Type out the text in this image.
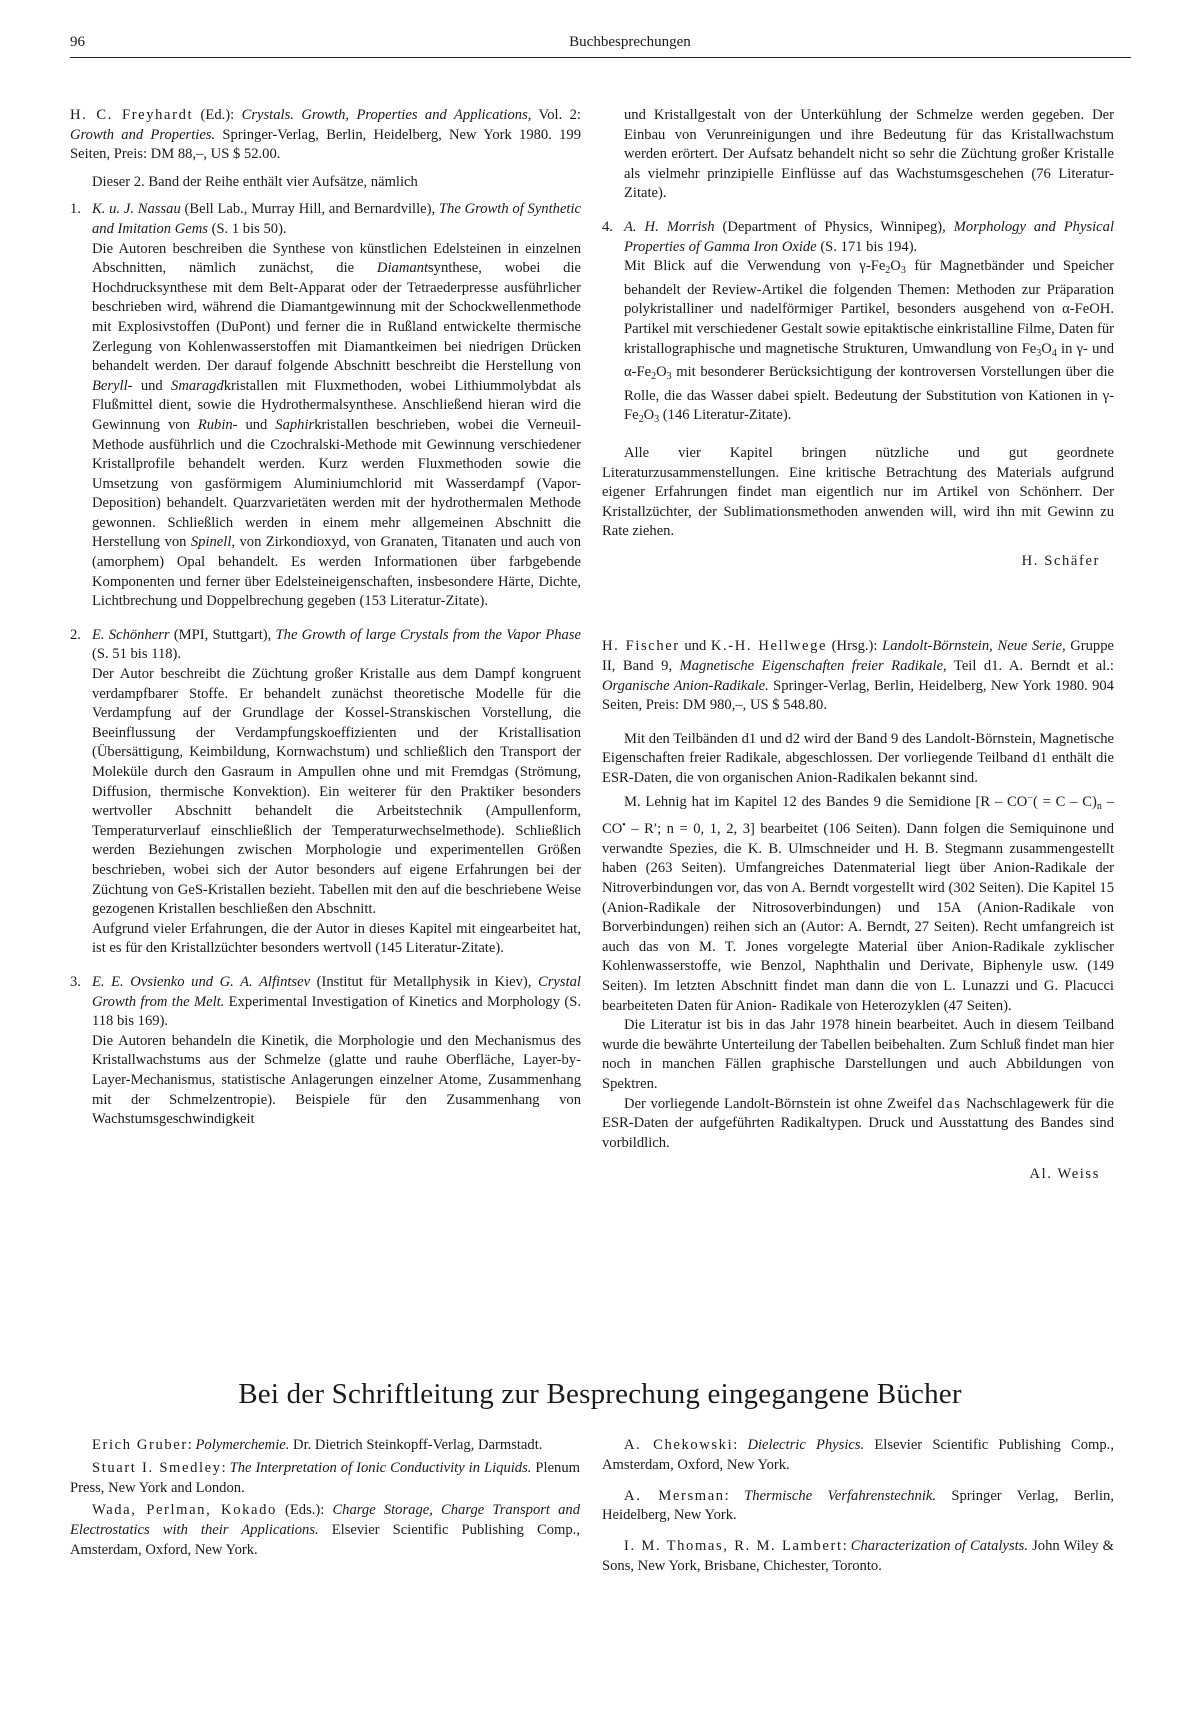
96	Buchbesprechungen

H. C. Freyhardt (Ed.): Crystals. Growth, Properties and Applications, Vol. 2: Growth and Properties. Springer-Verlag, Berlin, Heidelberg, New York 1980. 199 Seiten, Preis: DM 88,–, US $ 52.00.

Dieser 2. Band der Reihe enthält vier Aufsätze, nämlich

1. K. u. J. Nassau (Bell Lab., Murray Hill, and Bernardville), The Growth of Synthetic and Imitation Gems (S. 1 bis 50).

Die Autoren beschreiben die Synthese von künstlichen Edelsteinen in einzelnen Abschnitten, nämlich zunächst, die Diamantsynthese, wobei die Hochdrucksynthese mit dem Belt-Apparat oder der Tetraederpresse ausführlicher beschrieben wird, während die Diamantgewinnung mit der Schockwellenmethode mit Explosivstoffen (DuPont) und ferner die in Rußland entwickelte thermische Zerlegung von Kohlenwasserstoffen mit Diamantkeimen bei niedrigen Drücken behandelt werden. Der darauf folgende Abschnitt beschreibt die Herstellung von Beryll- und Smaragdkristallen mit Fluxmethoden, wobei Lithiummolybdat als Flußmittel dient, sowie die Hydrothermalsynthese. Anschließend hieran wird die Gewinnung von Rubin- und Saphirkristallen beschrieben, wobei die Verneuil-Methode ausführlich und die Czochralski-Methode mit Gewinnung verschiedener Kristallprofile behandelt werden. Kurz werden Fluxmethoden sowie die Umsetzung von gasförmigem Aluminiumchlorid mit Wasserdampf (Vapor-Deposition) behandelt. Quarzvarietäten werden mit der hydrothermalen Methode gewonnen. Schließlich werden in einem mehr allgemeinen Abschnitt die Herstellung von Spinell, von Zirkondioxyd, von Granaten, Titanaten und auch von (amorphem) Opal behandelt. Es werden Informationen über farbgebende Komponenten und ferner über Edelsteineigenschaften, insbesondere Härte, Dichte, Lichtbrechung und Doppelbrechung gegeben (153 Literatur-Zitate).

2. E. Schönherr (MPI, Stuttgart), The Growth of large Crystals from the Vapor Phase (S. 51 bis 118).

Der Autor beschreibt die Züchtung großer Kristalle aus dem Dampf kongruent verdampfbarer Stoffe. Er behandelt zunächst theoretische Modelle für die Verdampfung auf der Grundlage der Kossel-Stranskischen Vorstellung, die Beeinflussung der Verdampfungskoeffizienten und der Kristallisation (Übersättigung, Keimbildung, Kornwachstum) und schließlich den Transport der Moleküle durch den Gasraum in Ampullen ohne und mit Fremdgas (Strömung, Diffusion, thermische Konvektion). Ein weiterer für den Praktiker besonders wertvoller Abschnitt behandelt die Arbeitstechnik (Ampullenform, Temperaturverlauf einschließlich der Temperaturwechselmethode). Schließlich werden Beziehungen zwischen Morphologie und experimentellen Größen beschrieben, wobei sich der Autor besonders auf eigene Erfahrungen bei der Züchtung von GeS-Kristallen bezieht. Tabellen mit den auf die beschriebene Weise gezogenen Kristallen beschließen den Abschnitt.

Aufgrund vieler Erfahrungen, die der Autor in dieses Kapitel mit eingearbeitet hat, ist es für den Kristallzüchter besonders wertvoll (145 Literatur-Zitate).

3. E. E. Ovsienko und G. A. Alfintsev (Institut für Metallphysik in Kiev), Crystal Growth from the Melt. Experimental Investigation of Kinetics and Morphology (S. 118 bis 169).

Die Autoren behandeln die Kinetik, die Morphologie und den Mechanismus des Kristallwachstums aus der Schmelze (glatte und rauhe Oberfläche, Layer-by-Layer-Mechanismus, statistische Anlagerungen einzelner Atome, Zusammenhang mit der Schmelzentropie). Beispiele für den Zusammenhang von Wachstumsgeschwindigkeit

und Kristallgestalt von der Unterkühlung der Schmelze werden gegeben. Der Einbau von Verunreinigungen und ihre Bedeutung für das Kristallwachstum werden erörtert. Der Aufsatz behandelt nicht so sehr die Züchtung großer Kristalle als vielmehr prinzipielle Einflüsse auf das Wachstumsgeschehen (76 Literatur-Zitate).

4. A. H. Morrish (Department of Physics, Winnipeg), Morphology and Physical Properties of Gamma Iron Oxide (S. 171 bis 194).

Mit Blick auf die Verwendung von $\gamma-Fe_2O_3$ für Magnetbänder und Speicher behandelt der Review-Artikel die folgenden Themen: Methoden zur Präparation polykristalliner und nadelförmiger Partikel, besonders ausgehend von α-FeOH. Partikel mit verschiedener Gestalt sowie epitaktische einkristalline Filme, Daten für kristallographische und magnetische Strukturen, Umwandlung von $Fe_3O_4$ in γ- und $\alpha-Fe_2O_3$ mit besonderer Berücksichtigung der kontroversen Vorstellungen über die Rolle, die das Wasser dabei spielt. Bedeutung der Substitution von Kationen in $\gamma-Fe_2O_3$ (146 Literatur-Zitate).

Alle vier Kapitel bringen nützliche und gut geordnete Literaturzusammenstellungen. Eine kritische Betrachtung des Materials aufgrund eigener Erfahrungen findet man eigentlich nur im Artikel von Schönherr. Der Kristallzüchter, der Sublimationsmethoden anwenden will, wird ihn mit Gewinn zu Rate ziehen.

H. Schäfer

H. Fischer und K.-H. Hellwege (Hrsg.): Landolt-Börnstein, Neue Serie, Gruppe II, Band 9, Magnetische Eigenschaften freier Radikale, Teil d1. A. Berndt et al.: Organische Anion-Radikale. Springer-Verlag, Berlin, Heidelberg, New York 1980. 904 Seiten, Preis: DM 980,–, US $ 548.80.

Mit den Teilbänden d1 und d2 wird der Band 9 des Landolt-Börnstein, Magnetische Eigenschaften freier Radikale, abgeschlossen. Der vorliegende Teilband d1 enthält die ESR-Daten, die von organischen Anion-Radikalen bekannt sind.

M. Lehnig hat im Kapitel 12 des Bandes 9 die Semidione [$R - CO^-( = C - C)_n - CO^• - R'$; n = 0, 1, 2, 3] bearbeitet (106 Seiten). Dann folgen die Semiquinone und verwandte Spezies, die K. B. Ulmschneider und H. B. Stegmann zusammengestellt haben (263 Seiten). Umfangreiches Datenmaterial liegt über Anion-Radikale der Nitroverbindungen vor, das von A. Berndt vorgestellt wird (302 Seiten). Die Kapitel 15 (Anion-Radikale der Nitrosoverbindungen) und 15A (Anion-Radikale von Borverbindungen) reihen sich an (Autor: A. Berndt, 27 Seiten). Recht umfangreich ist auch das von M. T. Jones vorgelegte Material über Anion-Radikale zyklischer Kohlenwasserstoffe, wie Benzol, Naphthalin und Derivate, Biphenyle usw. (149 Seiten). Im letzten Abschnitt findet man dann die von L. Lunazzi und G. Placucci bearbeiteten Daten für Anion- Radikale von Heterozyklen (47 Seiten).

Die Literatur ist bis in das Jahr 1978 hinein bearbeitet. Auch in diesem Teilband wurde die bewährte Unterteilung der Tabellen beibehalten. Zum Schluß findet man hier noch in manchen Fällen graphische Darstellungen und auch Abbildungen von Spektren.

Der vorliegende Landolt-Börnstein ist ohne Zweifel das Nachschlagewerk für die ESR-Daten der aufgeführten Radikaltypen. Druck und Ausstattung des Bandes sind vorbildlich.

Al. Weiss

Bei der Schriftleitung zur Besprechung eingegangene Bücher

Erich Gruber: Polymerchemie. Dr. Dietrich Steinkopff-Verlag, Darmstadt.

Stuart I. Smedley: The Interpretation of Ionic Conductivity in Liquids. Plenum Press, New York and London.

Wada, Perlman, Kokado (Eds.): Charge Storage, Charge Transport and Electrostatics with their Applications. Elsevier Scientific Publishing Comp., Amsterdam, Oxford, New York.

A. Chekowski: Dielectric Physics. Elsevier Scientific Publishing Comp., Amsterdam, Oxford, New York.

A. Mersman: Thermische Verfahrenstechnik. Springer Verlag, Berlin, Heidelberg, New York.

I. M. Thomas, R. M. Lambert: Characterization of Catalysts. John Wiley & Sons, New York, Brisbane, Chichester, Toronto.
